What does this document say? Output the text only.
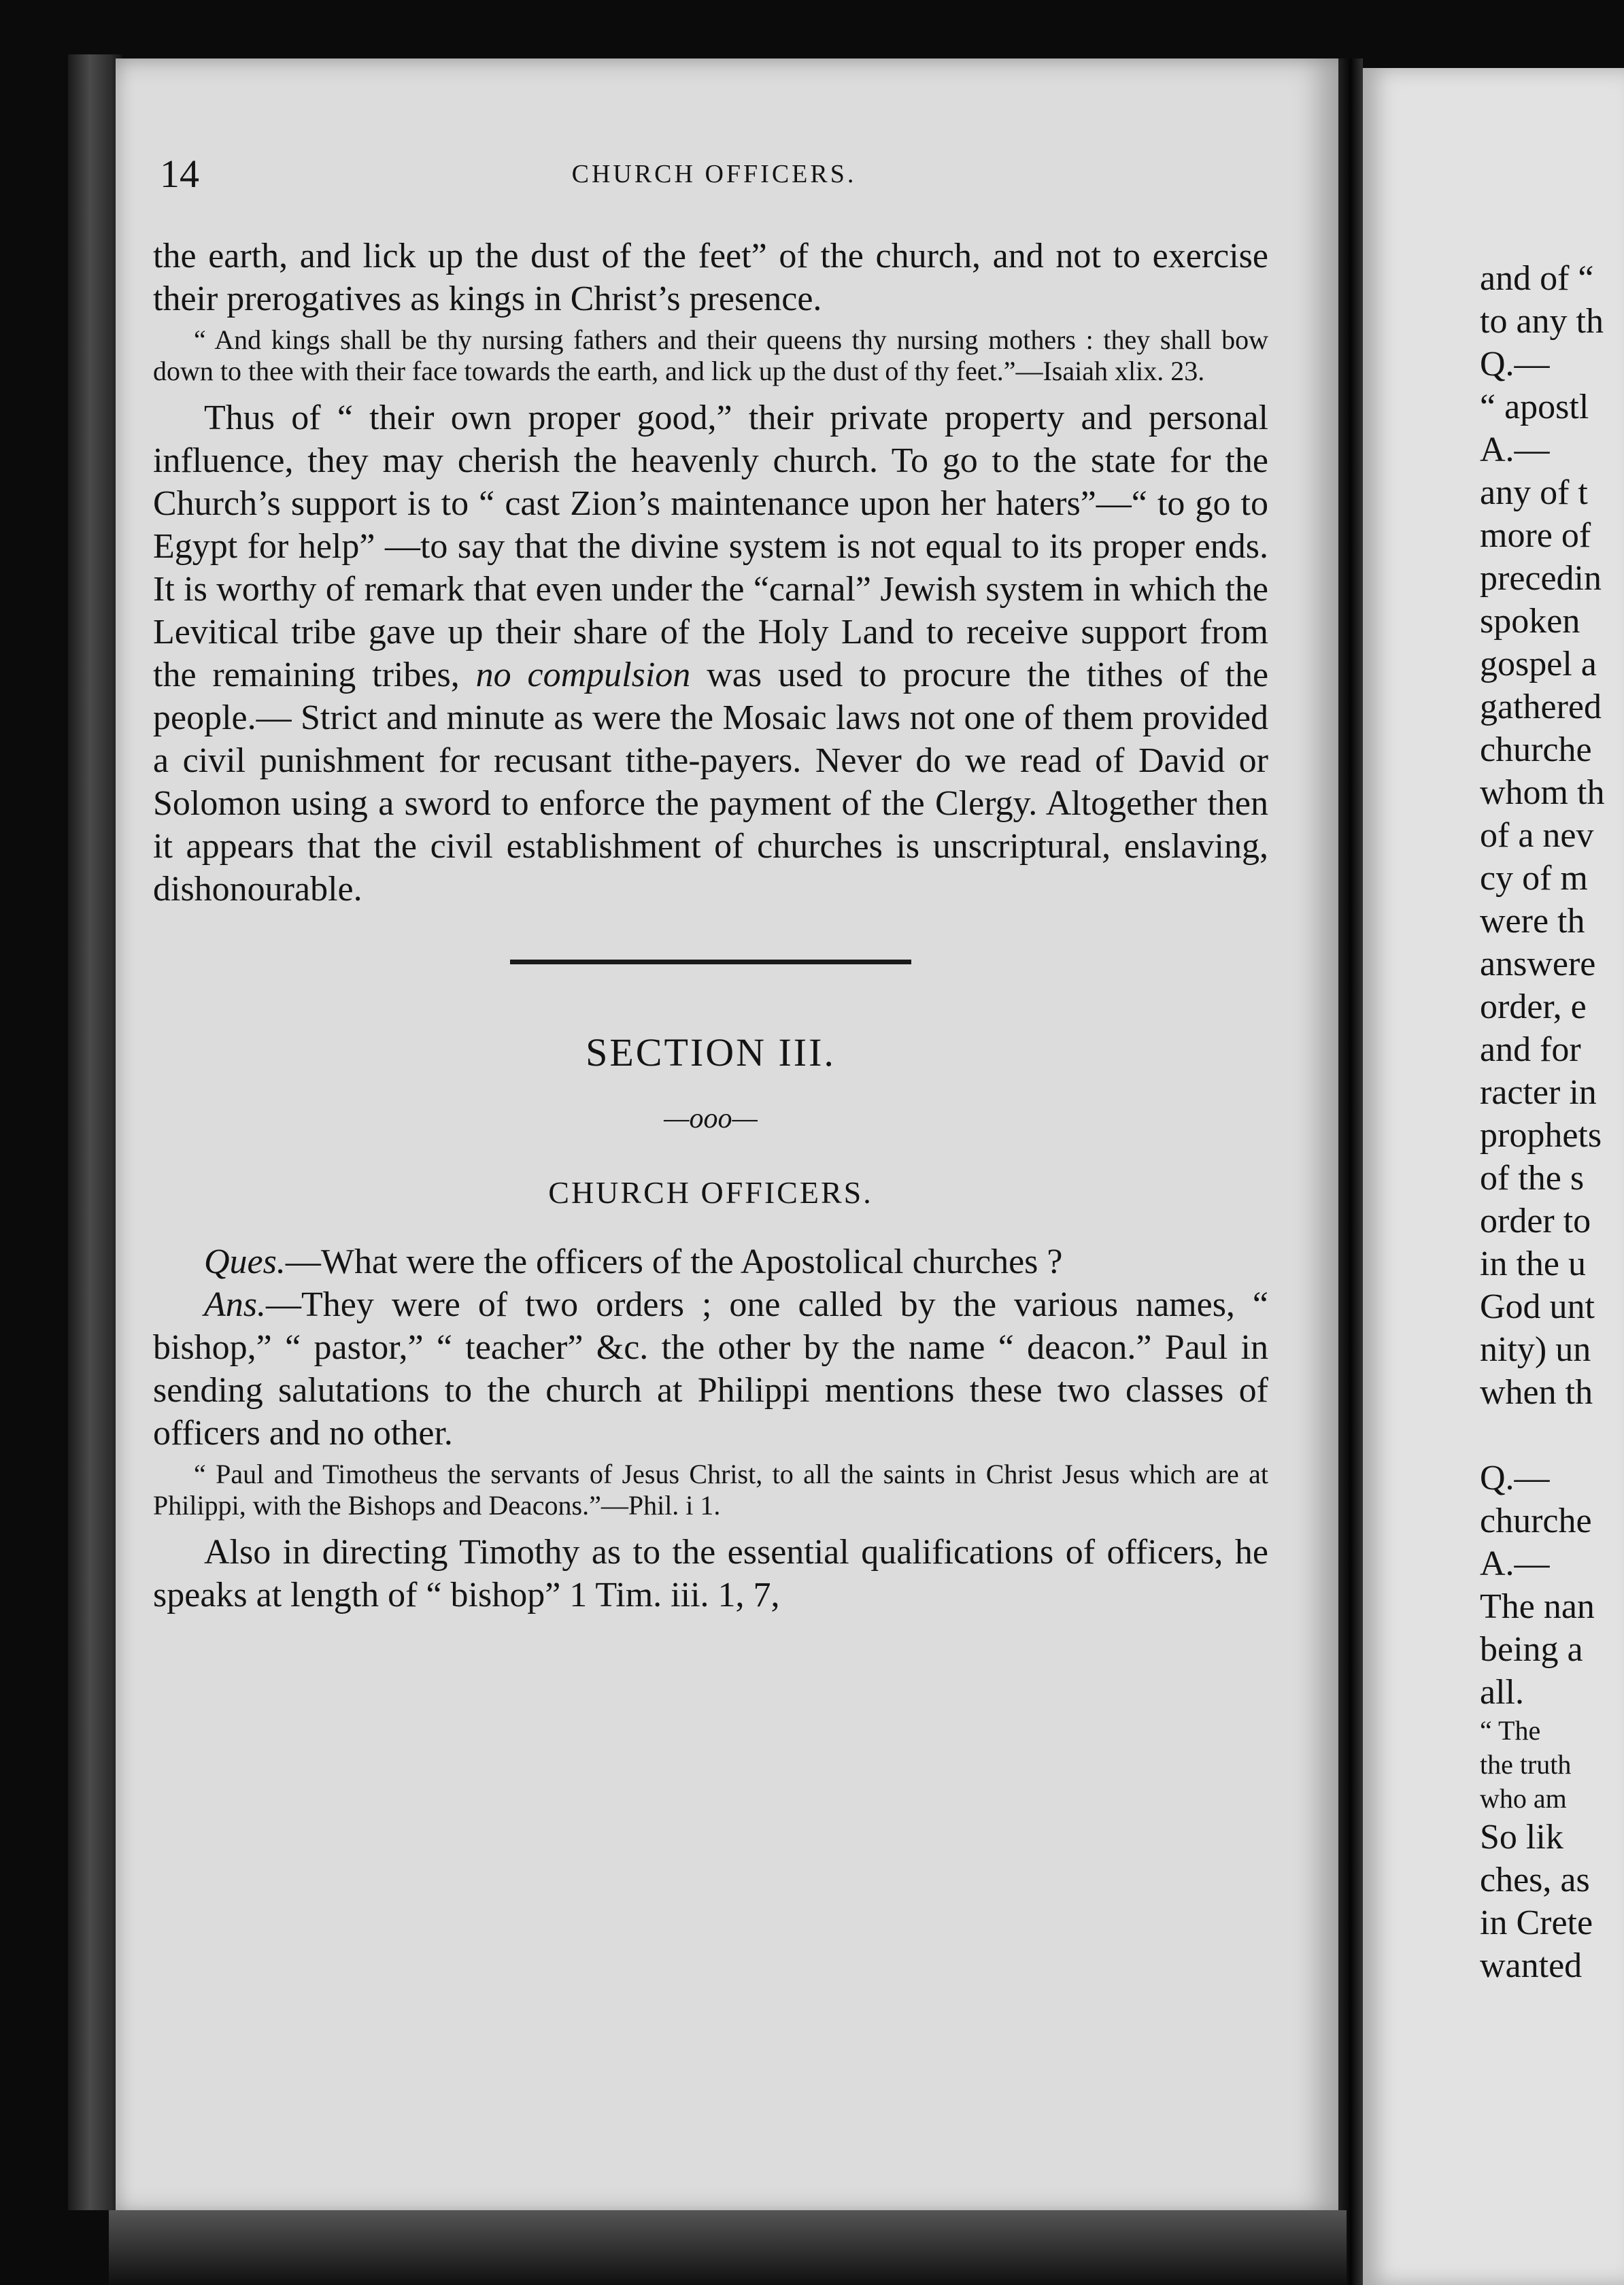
14	CHURCH OFFICERS.

the earth, and lick up the dust of the feet” of the church, and not to exercise their prerogatives as kings in Christ’s presence.

“ And kings shall be thy nursing fathers and their queens thy nursing mothers : they shall bow down to thee with their face towards the earth, and lick up the dust of thy feet.”—Isaiah xlix. 23.

Thus of “ their own proper good,” their private property and personal influence, they may cherish the heavenly church. To go to the state for the Church’s support is to “ cast Zion’s maintenance upon her haters”—“ to go to Egypt for help” —to say that the divine system is not equal to its proper ends. It is worthy of remark that even under the “carnal” Jewish system in which the Levitical tribe gave up their share of the Holy Land to receive support from the remaining tribes, no compulsion was used to procure the tithes of the people.— Strict and minute as were the Mosaic laws not one of them provided a civil punishment for recusant tithe-payers. Never do we read of David or Solomon using a sword to enforce the payment of the Clergy. Altogether then it appears that the civil establishment of churches is unscriptural, enslaving, dishonourable.

SECTION III.
—ooo—
CHURCH OFFICERS.

Ques.—What were the officers of the Apostolical churches ?

Ans.—They were of two orders ; one called by the various names, “ bishop,” “ pastor,” “ teacher” &c. the other by the name “ deacon.” Paul in sending salutations to the church at Philippi mentions these two classes of officers and no other.

“ Paul and Timotheus the servants of Jesus Christ, to all the saints in Christ Jesus which are at Philippi, with the Bishops and Deacons.”—Phil. i 1.

Also in directing Timothy as to the essential qualifications of officers, he speaks at length of “ bishop” 1 Tim. iii. 1, 7,

and of “
to any th
Q.—
“ apostl
A.—
any of t
more of
precedin
spoken
gospel a
gathered
churche
whom th
of a nev
cy of m
were th
answere
order, e
and for
racter in
prophets
of the s
order to
in the u
God unt
nity) un
when th

Q.—
churche
A.—
The nan
being a
all.
“ The
the truth
who am
So lik
ches, as
in Crete
wanted
